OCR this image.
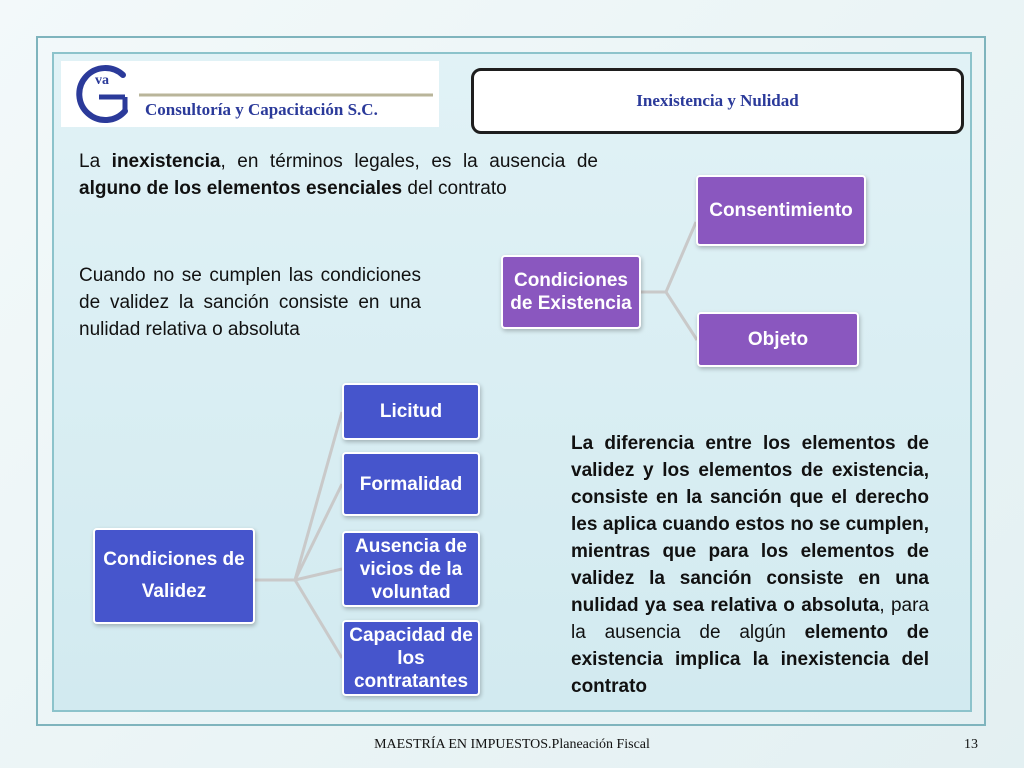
va
Consultoría y Capacitación S.C.	Inexistencia y Nulidad
La inexistencia, en términos legales, es la ausencia de alguno de los elementos esenciales del contrato
Cuando no se cumplen las condiciones de validez la sanción consiste en una nulidad relativa o absoluta
Condiciones de Existencia
Consentimiento
Objeto
Condiciones de Validez
Licitud
Formalidad
Ausencia de vicios de la voluntad
Capacidad de los contratantes
La diferencia entre los elementos de validez y los elementos de existencia, consiste en la sanción que el derecho les aplica cuando estos no se cumplen, mientras que para los elementos de validez la sanción consiste en una nulidad ya sea relativa o absoluta, para la ausencia de algún elemento de existencia implica la inexistencia del contrato
MAESTRÍA EN IMPUESTOS.Planeación Fiscal	13
